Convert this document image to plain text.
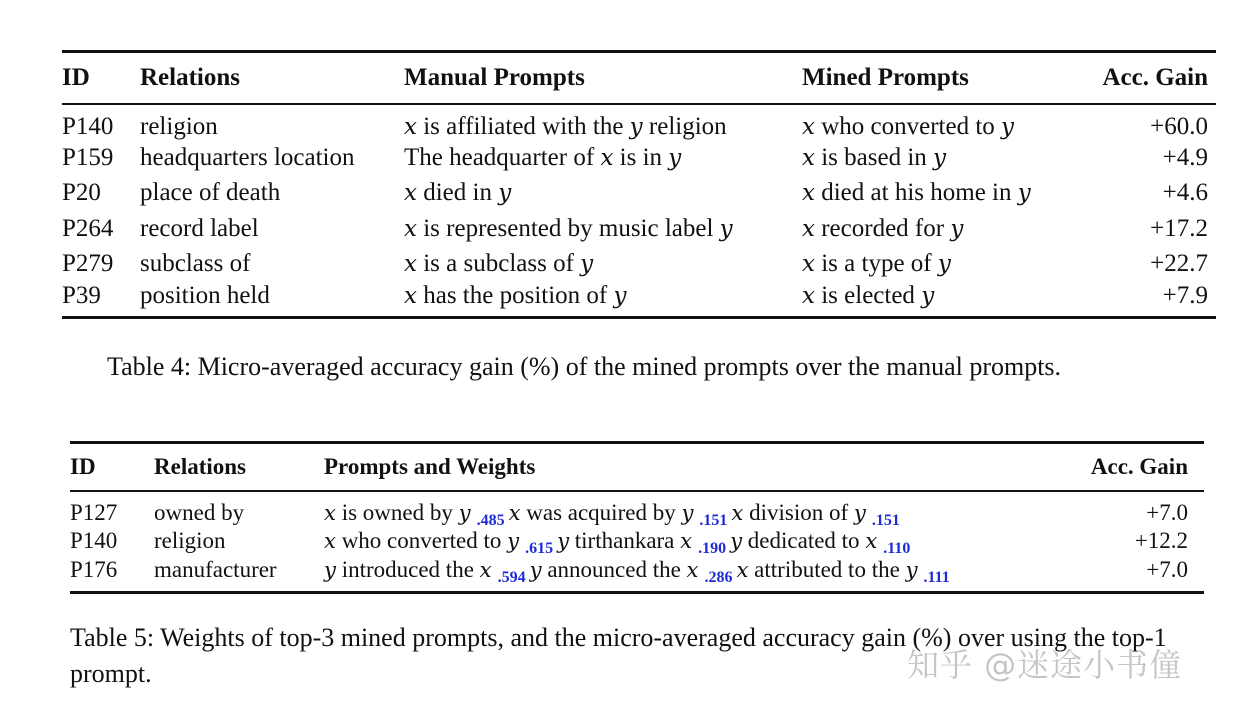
ID	Relations	Manual Prompts	Mined Prompts	Acc. Gain
P140	religion	x is affiliated with the y religion	x who converted to y	+60.0
P159	headquarters location	The headquarter of x is in y	x is based in y	+4.9
P20	place of death	x died in y	x died at his home in y	+4.6
P264	record label	x is represented by music label y	x recorded for y	+17.2
P279	subclass of	x is a subclass of y	x is a type of y	+22.7
P39	position held	x has the position of y	x is elected y	+7.9
Table 4: Micro-averaged accuracy gain (%) of the mined prompts over the manual prompts.
ID	Relations	Prompts and Weights	Acc. Gain
P127	owned by	x is owned by y $_{.485}$ x was acquired by y $_{.151}$ x division of y $_{.151}$	+7.0
P140	religion	x who converted to y $_{.615}$ y tirthankara x $_{.190}$ y dedicated to x $_{.110}$	+12.2
P176	manufacturer	y introduced the x $_{.594}$ y announced the x $_{.286}$ x attributed to the y $_{.111}$	+7.0
Table 5: Weights of top-3 mined prompts, and the micro-averaged accuracy gain (%) over using the top-1 prompt.	知乎 @迷途小书僮
